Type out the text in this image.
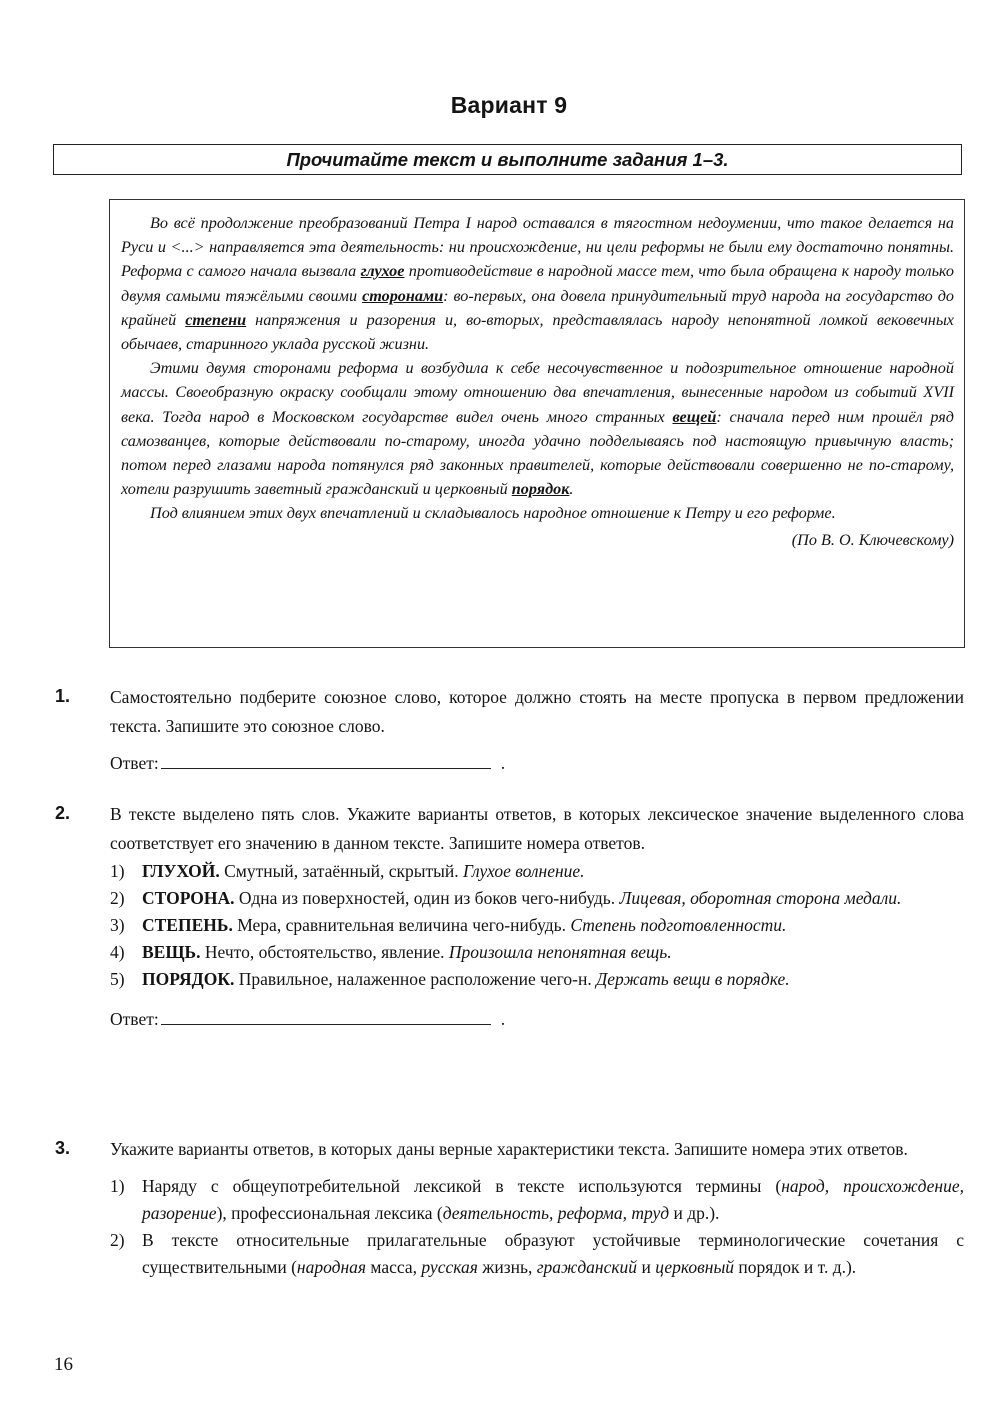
Вариант 9
Прочитайте текст и выполните задания 1–3.

Во всё продолжение преобразований Петра I народ оставался в тягостном недоумении, что такое делается на Руси и <...> направляется эта деятельность: ни происхождение, ни цели реформы не были ему достаточно понятны. Реформа с самого начала вызвала глухое противодействие в народной массе тем, что была обращена к народу только двумя самыми тяжёлыми своими сторонами: во-первых, она довела принудительный труд народа на государство до крайней степени напряжения и разорения и, во-вторых, представлялась народу непонятной ломкой вековечных обычаев, старинного уклада русской жизни.

Этими двумя сторонами реформа и возбудила к себе несочувственное и подозрительное отношение народной массы. Своеобразную окраску сообщали этому отношению два впечатления, вынесенные народом из событий XVII века. Тогда народ в Московском государстве видел очень много странных вещей: сначала перед ним прошёл ряд самозванцев, которые действовали по-старому, иногда удачно подделываясь под настоящую привычную власть; потом перед глазами народа потянулся ряд законных правителей, которые действовали совершенно не по-старому, хотели разрушить заветный гражданский и церковный порядок.

Под влиянием этих двух впечатлений и складывалось народное отношение к Петру и его реформе.

(По В. О. Ключевскому)

1. Самостоятельно подберите союзное слово, которое должно стоять на месте пропуска в первом предложении текста. Запишите это союзное слово.

Ответ:	.
2. В тексте выделено пять слов. Укажите варианты ответов, в которых лексическое значение выделенного слова соответствует его значению в данном тексте. Запишите номера ответов.

1) ГЛУХОЙ. Смутный, затаённый, скрытый. Глухое волнение.
2) СТОРОНА. Одна из поверхностей, один из боков чего-нибудь. Лицевая, оборотная сторона медали.
3) СТЕПЕНЬ. Мера, сравнительная величина чего-нибудь. Степень подготовленности.
4) ВЕЩЬ. Нечто, обстоятельство, явление. Произошла непонятная вещь.
5) ПОРЯДОК. Правильное, налаженное расположение чего-н. Держать вещи в порядке.
Ответ:	.
3. Укажите варианты ответов, в которых даны верные характеристики текста. Запишите номера этих ответов.

1) Наряду с общеупотребительной лексикой в тексте используются термины (народ, происхождение, разорение), профессиональная лексика (деятельность, реформа, труд и др.).
2) В тексте относительные прилагательные образуют устойчивые терминологические сочетания с существительными (народная масса, русская жизнь, гражданский и церковный порядок и т. д.).
16
